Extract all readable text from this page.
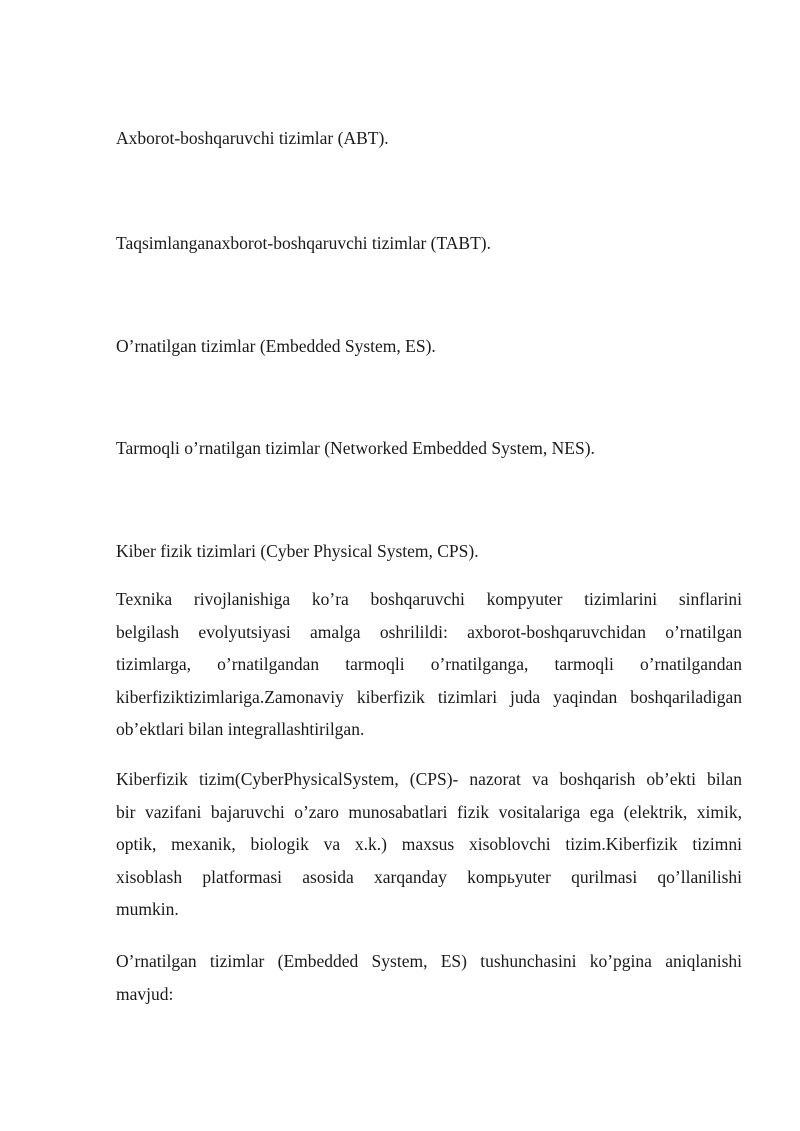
Axborot-boshqaruvchi tizimlar (ABT).

Taqsimlanganaxborot-boshqaruvchi tizimlar (TABT).

O’rnatilgan tizimlar (Embedded System, ES).

Tarmoqli o’rnatilgan tizimlar (Networked Embedded System, NES).

Kiber fizik tizimlari (Cyber Physical System, CPS).

Texnika rivojlanishiga ko’ra boshqaruvchi kompyuter tizimlarini sinflarini
belgilash evolyutsiyasi amalga oshrilildi: axborot-boshqaruvchidan o’rnatilgan
tizimlarga, o’rnatilgandan tarmoqli o’rnatilganga, tarmoqli o’rnatilgandan
kiberfiziktizimlariga.Zamonaviy kiberfizik tizimlari juda yaqindan boshqariladigan
ob’ektlari bilan integrallashtirilgan.
Kiberfizik tizim(CyberPhysicalSystem, (CPS)- nazorat va boshqarish ob’ekti bilan
bir vazifani bajaruvchi o’zaro munosabatlari fizik vositalariga ega (elektrik, ximik,
optik, mexanik, biologik va x.k.) maxsus xisoblovchi tizim.Kiberfizik tizimni
xisoblash platformasi asosida xarqanday kompьyuter qurilmasi qo’llanilishi
mumkin.
O’rnatilgan tizimlar (Embedded System, ES) tushunchasini ko’pgina aniqlanishi
mavjud:
